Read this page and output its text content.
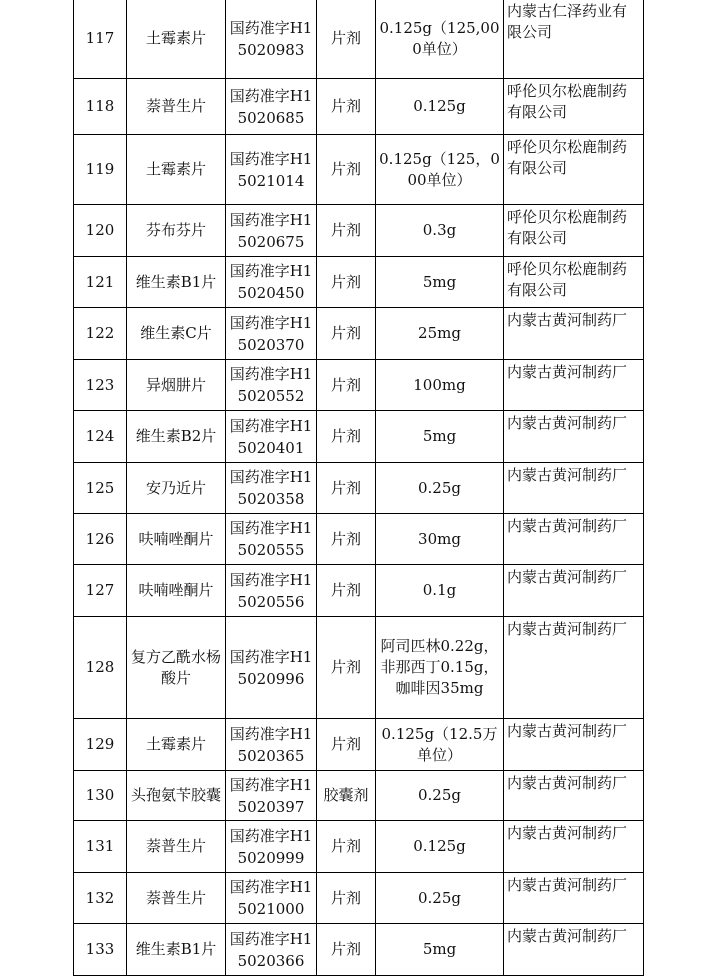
117	土霉素片	国药准字H15020983	片剂	0.125g（125,000单位）	内蒙古仁泽药业有限公司
118	萘普生片	国药准字H15020685	片剂	0.125g	呼伦贝尔松鹿制药有限公司
119	土霉素片	国药准字H15021014	片剂	0.125g（125，000单位）	呼伦贝尔松鹿制药有限公司
120	芬布芬片	国药准字H15020675	片剂	0.3g	呼伦贝尔松鹿制药有限公司
121	维生素B1片	国药准字H15020450	片剂	5mg	呼伦贝尔松鹿制药有限公司
122	维生素C片	国药准字H15020370	片剂	25mg	内蒙古黄河制药厂
123	异烟肼片	国药准字H15020552	片剂	100mg	内蒙古黄河制药厂
124	维生素B2片	国药准字H15020401	片剂	5mg	内蒙古黄河制药厂
125	安乃近片	国药准字H15020358	片剂	0.25g	内蒙古黄河制药厂
126	呋喃唑酮片	国药准字H15020555	片剂	30mg	内蒙古黄河制药厂
127	呋喃唑酮片	国药准字H15020556	片剂	0.1g	内蒙古黄河制药厂
128	复方乙酰水杨酸片	国药准字H15020996	片剂	阿司匹林0.22g，非那西丁0.15g，咖啡因35mg	内蒙古黄河制药厂
129	土霉素片	国药准字H15020365	片剂	0.125g（12.5万单位）	内蒙古黄河制药厂
130	头孢氨苄胶囊	国药准字H15020397	胶囊剂	0.25g	内蒙古黄河制药厂
131	萘普生片	国药准字H15020999	片剂	0.125g	内蒙古黄河制药厂
132	萘普生片	国药准字H15021000	片剂	0.25g	内蒙古黄河制药厂
133	维生素B1片	国药准字H15020366	片剂	5mg	内蒙古黄河制药厂
